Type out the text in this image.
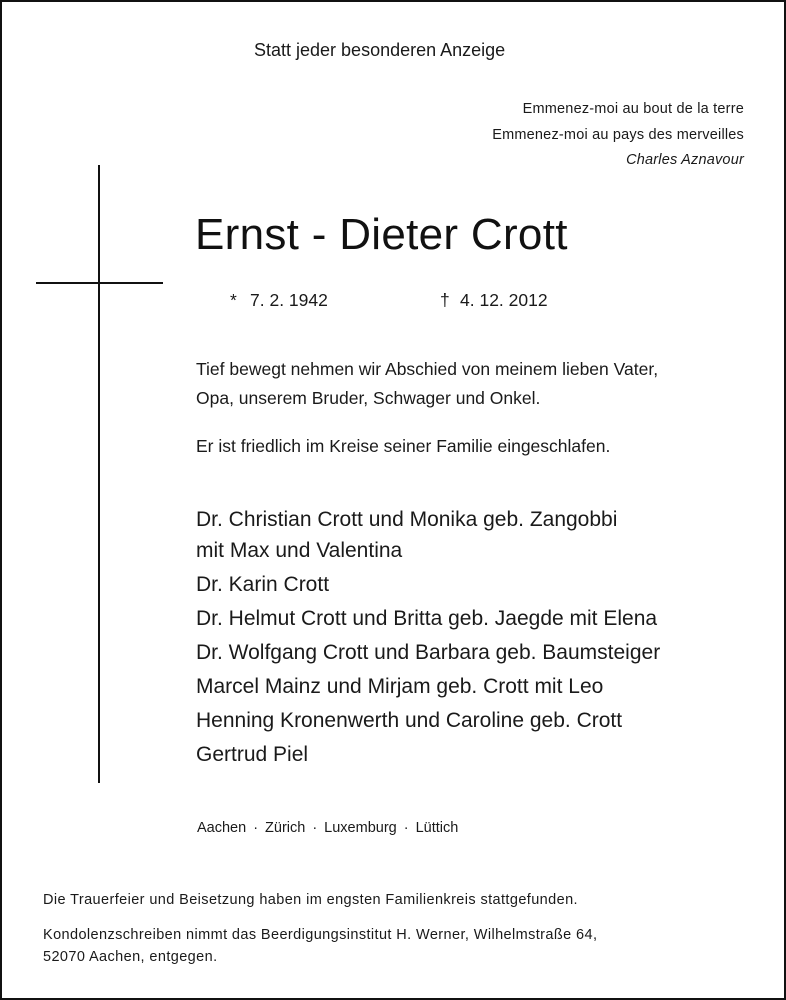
Statt jeder besonderen Anzeige
Emmenez-moi au bout de la terre
Emmenez-moi au pays des merveilles
Charles Aznavour
Ernst - Dieter Crott
* 7. 2. 1942	† 4. 12. 2012
Tief bewegt nehmen wir Abschied von meinem lieben Vater,
Opa, unserem Bruder, Schwager und Onkel.
Er ist friedlich im Kreise seiner Familie eingeschlafen.
Dr. Christian Crott und Monika geb. Zangobbi
mit Max und Valentina
Dr. Karin Crott
Dr. Helmut Crott und Britta geb. Jaegde mit Elena
Dr. Wolfgang Crott und Barbara geb. Baumsteiger
Marcel Mainz und Mirjam geb. Crott mit Leo
Henning Kronenwerth und Caroline geb. Crott
Gertrud Piel
Aachen · Zürich · Luxemburg · Lüttich
Die Trauerfeier und Beisetzung haben im engsten Familienkreis stattgefunden.
Kondolenzschreiben nimmt das Beerdigungsinstitut H. Werner, Wilhelmstraße 64,
52070 Aachen, entgegen.
